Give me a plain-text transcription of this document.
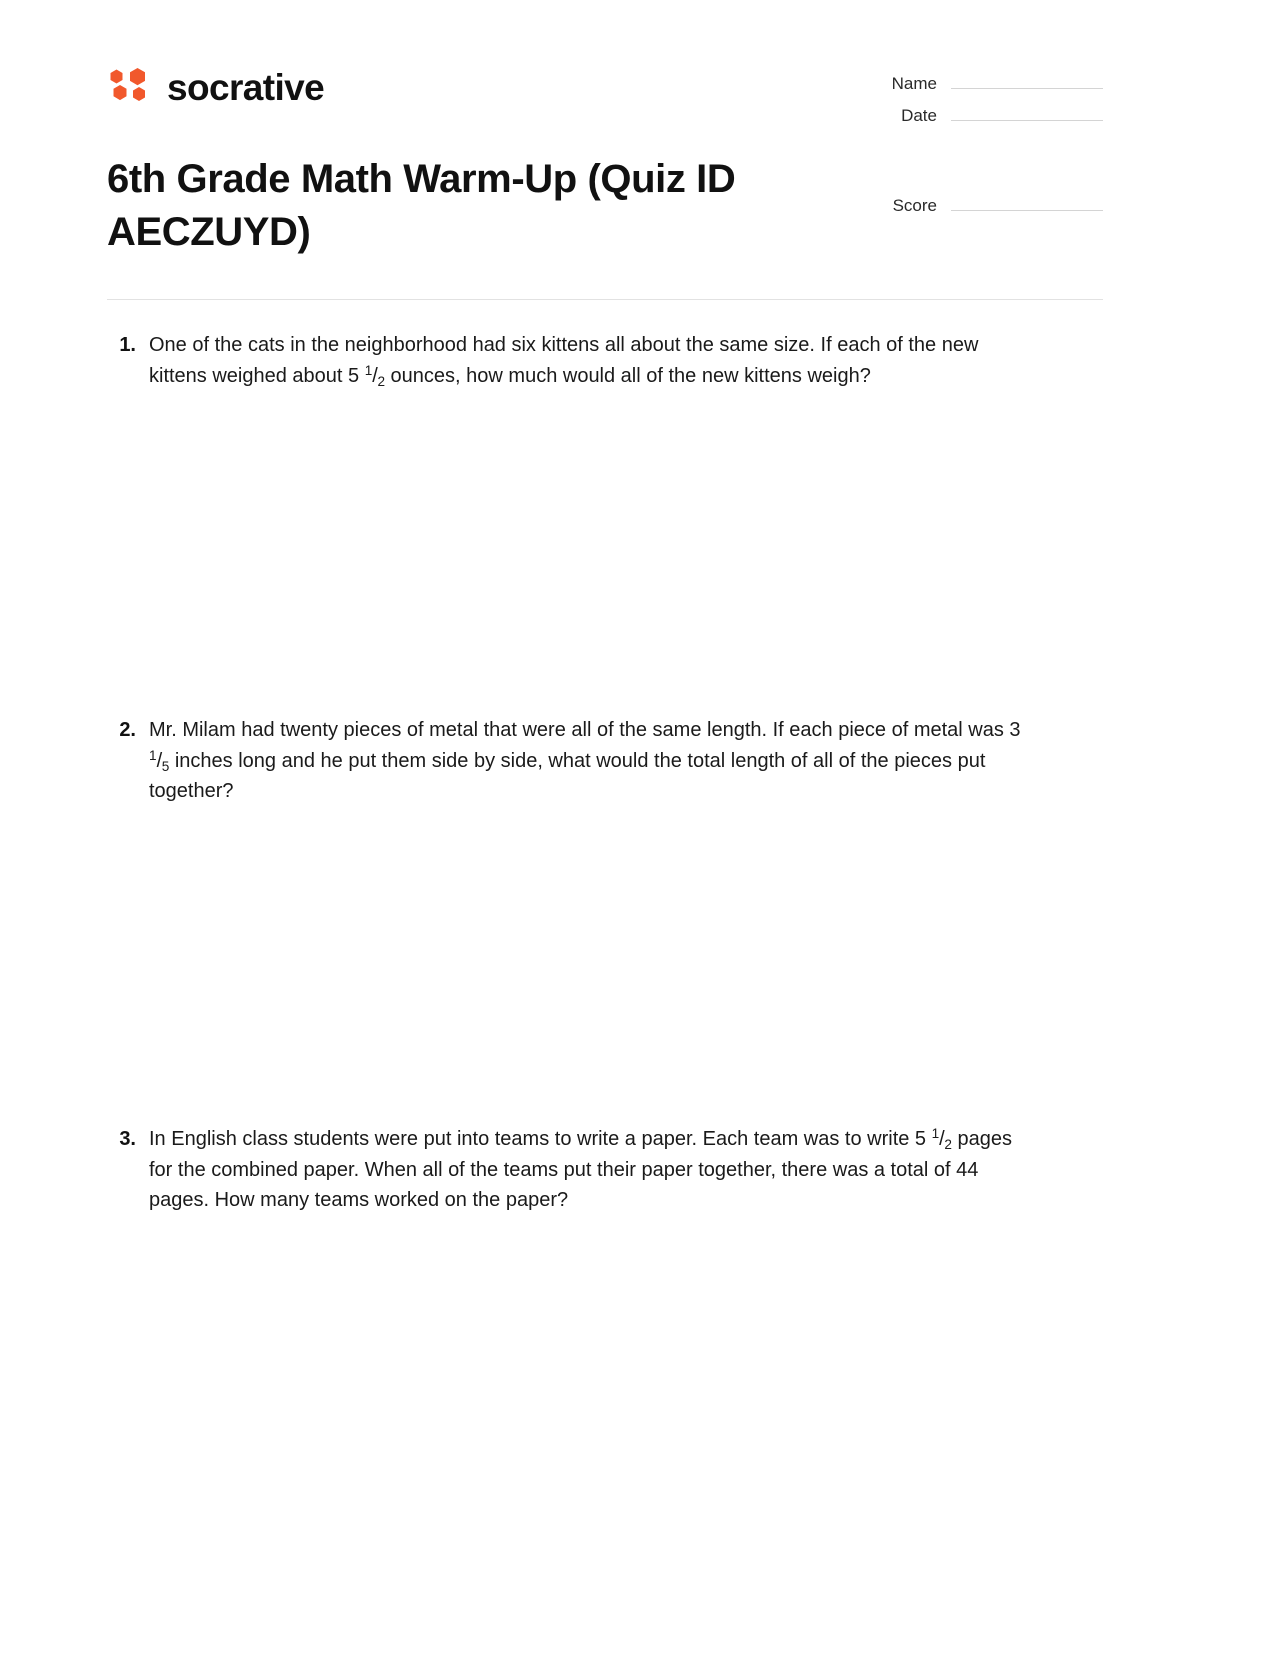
socrative	Name
Date
6th Grade Math Warm-Up (Quiz ID AECZUYD)
Score
1. One of the cats in the neighborhood had six kittens all about the same size. If each of the new kittens weighed about 5 $^1/_2$ ounces, how much would all of the new kittens weigh?
2. Mr. Milam had twenty pieces of metal that were all of the same length. If each piece of metal was 3 $^1/_5$ inches long and he put them side by side, what would the total length of all of the pieces put together?
3. In English class students were put into teams to write a paper. Each team was to write 5 $^1/_2$ pages for the combined paper. When all of the teams put their paper together, there was a total of 44 pages. How many teams worked on the paper?
